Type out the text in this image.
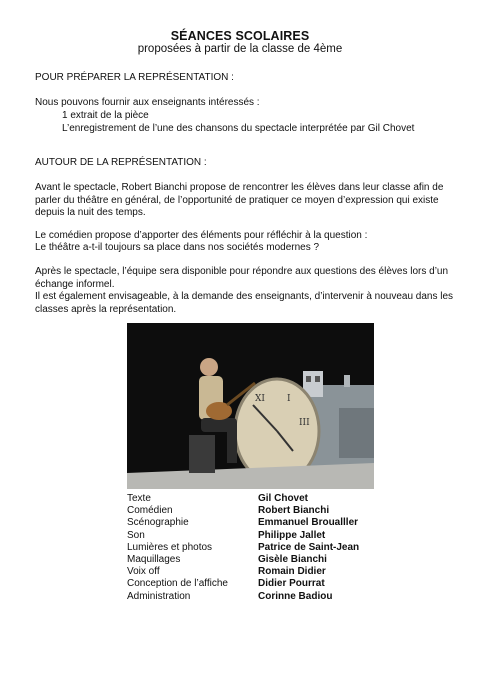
SÉANCES SCOLAIRES
proposées à partir de la classe de 4ème
POUR PRÉPARER LA REPRÉSENTATION :
Nous pouvons fournir aux enseignants intéressés :
1 extrait de la pièce
L’enregistrement de l’une des chansons du spectacle interprétée par Gil Chovet
AUTOUR DE LA REPRÉSENTATION :
Avant le spectacle, Robert Bianchi propose de rencontrer les élèves dans leur classe afin de
parler du théâtre en général, de l’opportunité de pratiquer ce moyen d’expression qui existe
depuis la nuit des temps.
Le comédien propose d’apporter des éléments pour réfléchir à la question :
Le théâtre a-t-il toujours sa place dans nos sociétés modernes ?
Après le spectacle, l’équipe sera disponible pour répondre aux questions des élèves lors d’un
échange informel.
Il est également envisageable, à la demande des enseignants, d’intervenir à nouveau dans les
classes après la représentation.
XI I
III
Texte	Gil Chovet
Comédien	Robert Bianchi
Scénographie	Emmanuel Broualller
Son	Philippe Jallet
Lumières et photos	Patrice de Saint-Jean
Maquillages	Gisèle Bianchi
Voix off	Romain Didier
Conception de l’affiche	Didier Pourrat
Administration	Corinne Badiou
